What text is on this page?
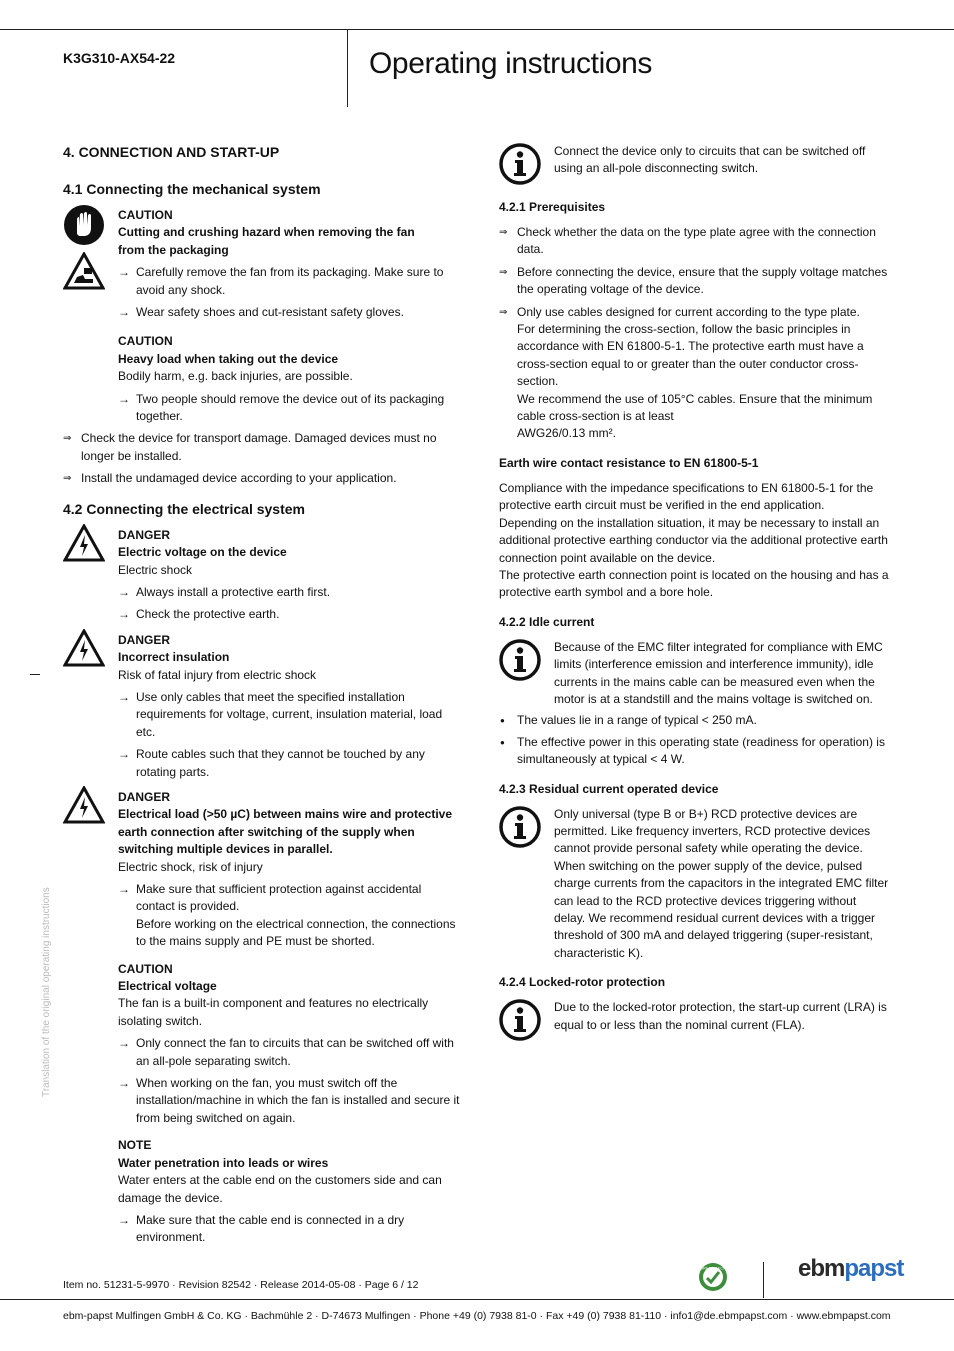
K3G310-AX54-22	Operating instructions
Translation of the original operating instructions
4. CONNECTION AND START-UP
4.1 Connecting the mechanical system

CAUTION

Cutting and crushing hazard when removing the fan from the packaging

→ Carefully remove the fan from its packaging. Make sure to avoid any shock.

→ Wear safety shoes and cut-resistant safety gloves.

CAUTION

Heavy load when taking out the device

Bodily harm, e.g. back injuries, are possible.

→ Two people should remove the device out of its packaging together.

⇒ Check the device for transport damage. Damaged devices must no longer be installed.

⇒ Install the undamaged device according to your application.

4.2 Connecting the electrical system

DANGER

Electric voltage on the device

Electric shock

→ Always install a protective earth first.

→ Check the protective earth.

DANGER

Incorrect insulation

Risk of fatal injury from electric shock

→ Use only cables that meet the specified installation requirements for voltage, current, insulation material, load etc.

→ Route cables such that they cannot be touched by any rotating parts.

DANGER

Electrical load (>50 µC) between mains wire and protective earth connection after switching of the supply when switching multiple devices in parallel.

Electric shock, risk of injury

→ Make sure that sufficient protection against accidental contact is provided.

Before working on the electrical connection, the connections to the mains supply and PE must be shorted.

CAUTION

Electrical voltage

The fan is a built-in component and features no electrically isolating switch.

→ Only connect the fan to circuits that can be switched off with an all-pole separating switch.

→ When working on the fan, you must switch off the installation/machine in which the fan is installed and secure it from being switched on again.

NOTE

Water penetration into leads or wires

Water enters at the cable end on the customers side and can damage the device.

→ Make sure that the cable end is connected in a dry environment.

Connect the device only to circuits that can be switched off using an all-pole disconnecting switch.

4.2.1 Prerequisites

⇒ Check whether the data on the type plate agree with the connection data.

⇒ Before connecting the device, ensure that the supply voltage matches the operating voltage of the device.

⇒ Only use cables designed for current according to the type plate.

For determining the cross-section, follow the basic principles in accordance with EN 61800-5-1. The protective earth must have a cross-section equal to or greater than the outer conductor cross-section.

We recommend the use of 105°C cables. Ensure that the minimum cable cross-section is at least

AWG26/0.13 mm².

Earth wire contact resistance to EN 61800-5-1

Compliance with the impedance specifications to EN 61800-5-1 for the protective earth circuit must be verified in the end application.

Depending on the installation situation, it may be necessary to install an additional protective earthing conductor via the additional protective earth connection point available on the device.

The protective earth connection point is located on the housing and has a protective earth symbol and a bore hole.

4.2.2 Idle current

Because of the EMC filter integrated for compliance with EMC limits (interference emission and interference immunity), idle currents in the mains cable can be measured even when the motor is at a standstill and the mains voltage is switched on.

● The values lie in a range of typical < 250 mA.

● The effective power in this operating state (readiness for operation) is simultaneously at typical < 4 W.

4.2.3 Residual current operated device

Only universal (type B or B+) RCD protective devices are permitted. Like frequency inverters, RCD protective devices cannot provide personal safety while operating the device. When switching on the power supply of the device, pulsed charge currents from the capacitors in the integrated EMC filter can lead to the RCD protective devices triggering without delay. We recommend residual current devices with a trigger threshold of 300 mA and delayed triggering (super-resistant, characteristic K).

4.2.4 Locked-rotor protection

Due to the locked-rotor protection, the start-up current (LRA) is equal to or less than the nominal current (FLA).

Item no. 51231-5-9970 · Revision 82542 · Release 2014-05-08 · Page 6 / 12
GREEN TECH	ebmpapst
ebm-papst Mulfingen GmbH & Co. KG · Bachmühle 2 · D-74673 Mulfingen · Phone +49 (0) 7938 81-0 · Fax +49 (0) 7938 81-110 · info1@de.ebmpapst.com · www.ebmpapst.com
